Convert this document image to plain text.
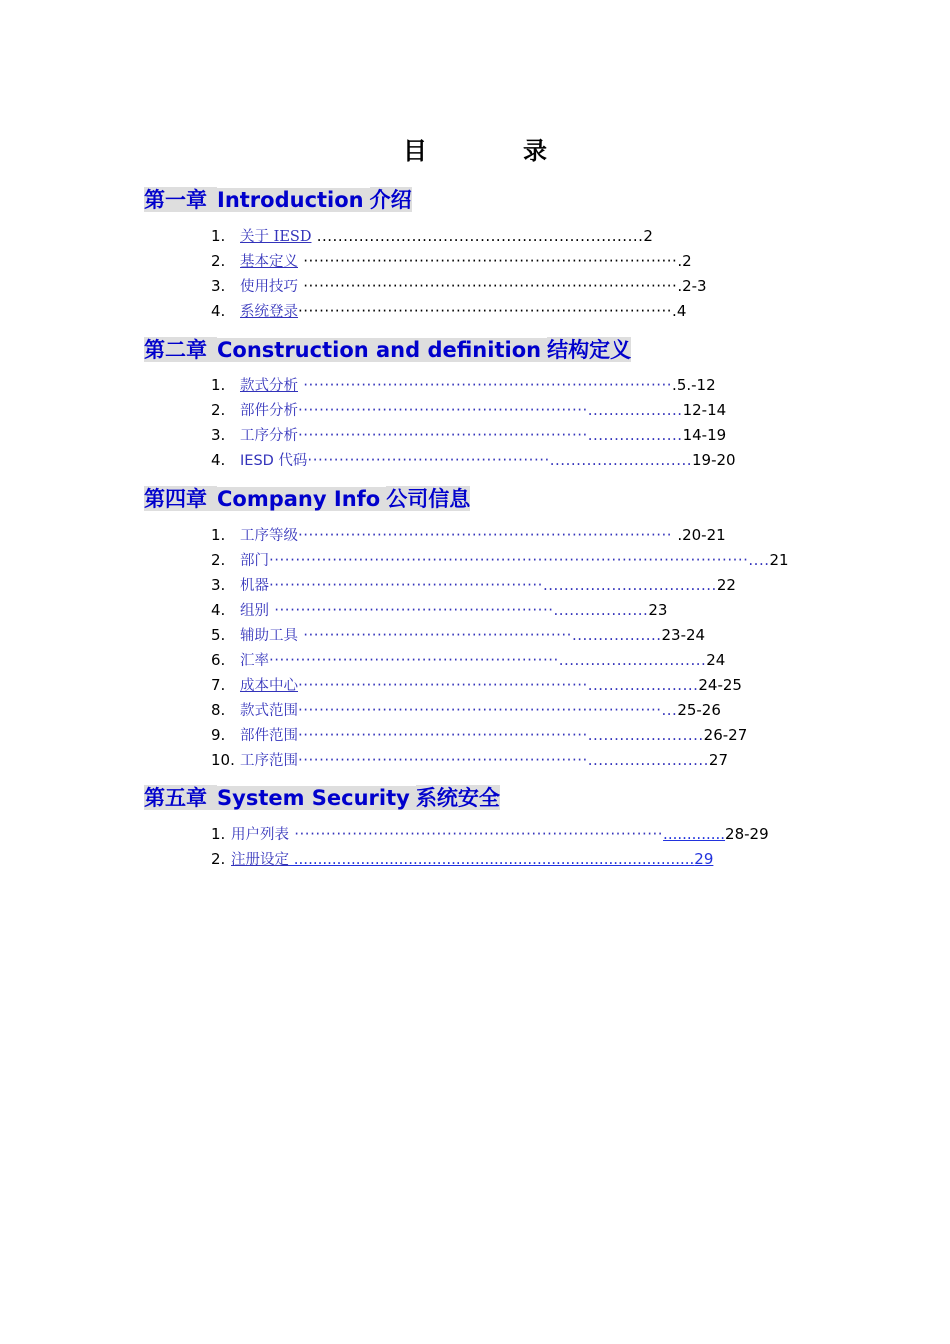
目　录
第一章 Introduction 介绍
1. 关于 IESD ..............................................................2
2. 基本定义 ·······································································.2
3. 使用技巧 ·······································································.2-3
4. 系统登录·······································································.4
第二章 Construction and definition 结构定义
1. 款式分析 ······································································.5.-12
2. 部件分析·······················································..................12-14
3. 工序分析·······················································..................14-19
4. IESD 代码··············································...........................19-20
第四章 Company Info 公司信息
1. 工序等级······································································· .20-21
2. 部门···························································································....21
3. 机器····················································.................................22
4. 组别 ·····················································..................23
5. 辅助工具 ···················································.................23-24
6. 汇率·······················································............................24
7. 成本中心·······················································.....................24-25
8. 款式范围·····································································...25-26
9. 部件范围·······················································......................26-27
10. 工序范围·······················································.......................27
第五章 System Security 系统安全
1. 用户列表 ······································································.............28-29
2. 注册设定 ....................................................................................29
